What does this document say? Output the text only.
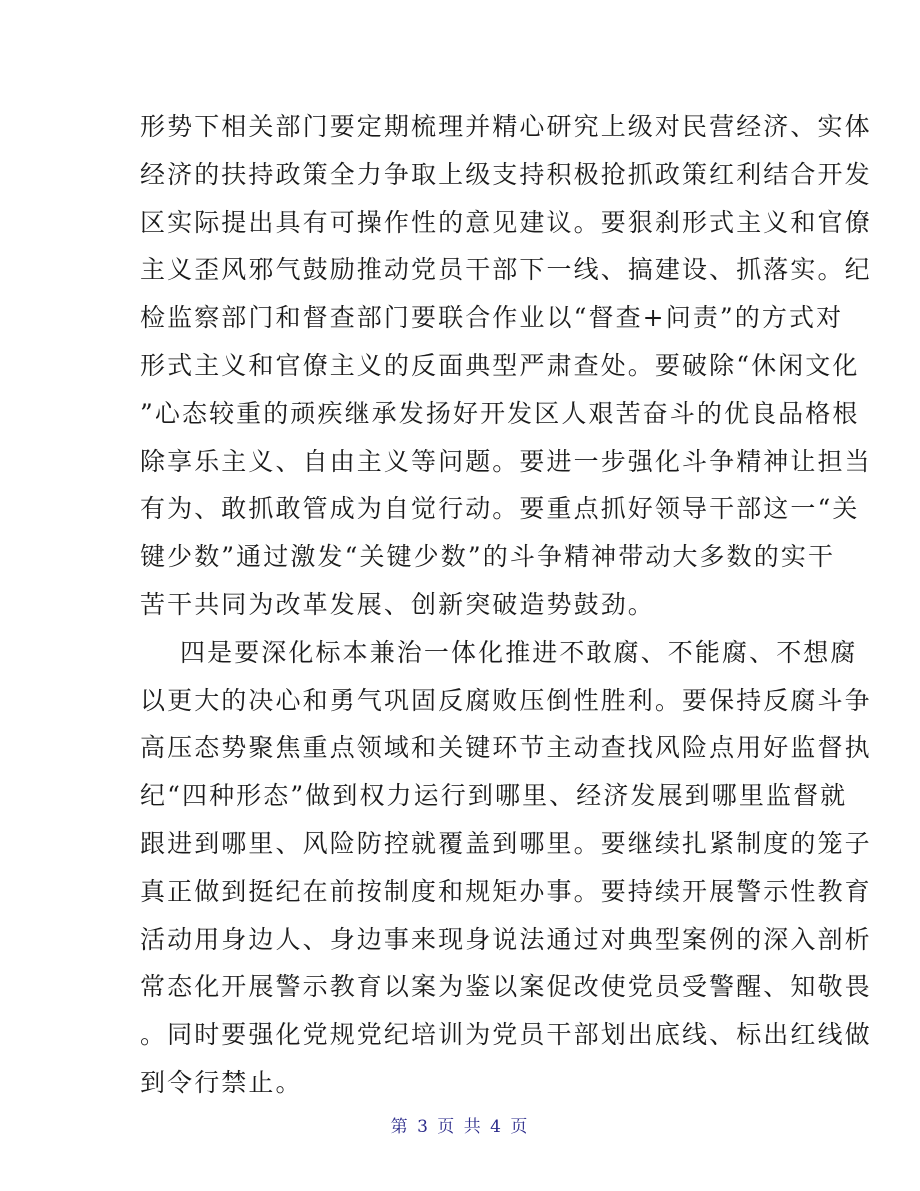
形势下相关部门要定期梳理并精心研究上级对民营经济、实体
经济的扶持政策全力争取上级支持积极抢抓政策红利结合开发
区实际提出具有可操作性的意见建议。要狠刹形式主义和官僚
主义歪风邪气鼓励推动党员干部下一线、搞建设、抓落实。纪
检监察部门和督查部门要联合作业以“督查+问责”的方式对
形式主义和官僚主义的反面典型严肃查处。要破除“休闲文化
”心态较重的顽疾继承发扬好开发区人艰苦奋斗的优良品格根
除享乐主义、自由主义等问题。要进一步强化斗争精神让担当
有为、敢抓敢管成为自觉行动。要重点抓好领导干部这一“关
键少数”通过激发“关键少数”的斗争精神带动大多数的实干
苦干共同为改革发展、创新突破造势鼓劲。
四是要深化标本兼治一体化推进不敢腐、不能腐、不想腐
以更大的决心和勇气巩固反腐败压倒性胜利。要保持反腐斗争
高压态势聚焦重点领域和关键环节主动查找风险点用好监督执
纪“四种形态”做到权力运行到哪里、经济发展到哪里监督就
跟进到哪里、风险防控就覆盖到哪里。要继续扎紧制度的笼子
真正做到挺纪在前按制度和规矩办事。要持续开展警示性教育
活动用身边人、身边事来现身说法通过对典型案例的深入剖析
常态化开展警示教育以案为鉴以案促改使党员受警醒、知敬畏
。同时要强化党规党纪培训为党员干部划出底线、标出红线做
到令行禁止。
第 3 页 共 4 页
